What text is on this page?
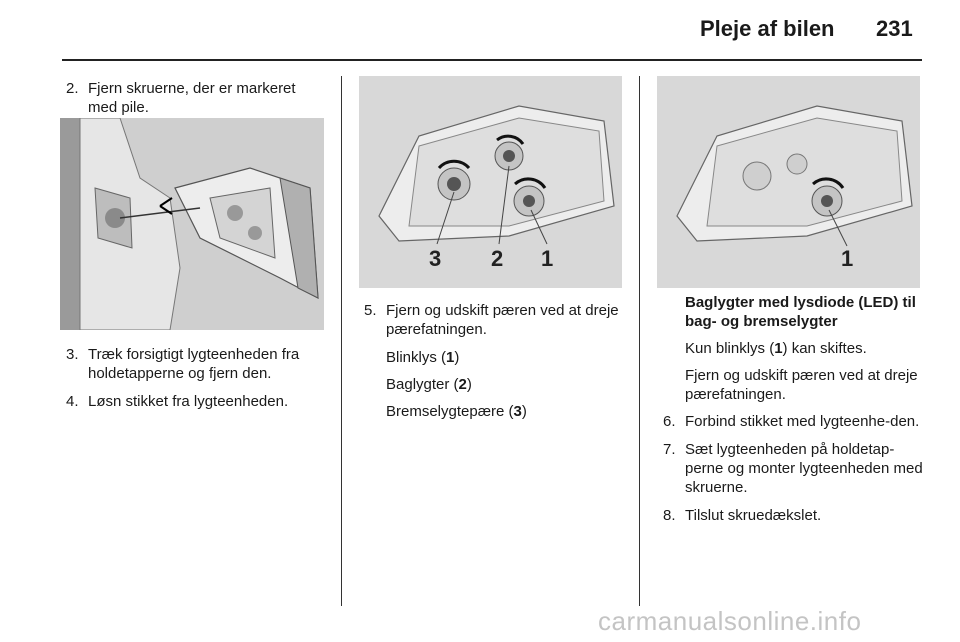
Pleje af bilen 231
2. Fjern skruerne, der er markeret med pile.
3. Træk forsigtigt lygteenheden fra holdetapperne og fjern den.
4. Løsn stikket fra lygteenheden.
3 2 1
5. Fjern og udskift pæren ved at dreje pærefatningen.
Blinklys (1)
Baglygter (2)
Bremselygtepære (3)
1
Baglygter med lysdiode (LED) til bag- og bremselygter
Kun blinklys (1) kan skiftes.
Fjern og udskift pæren ved at dreje pærefatningen.
6. Forbind stikket med lygteenhe-den.
7. Sæt lygteenheden på holdetap-perne og monter lygteenheden med skruerne.
8. Tilslut skruedækslet.
carmanualsonline.info
